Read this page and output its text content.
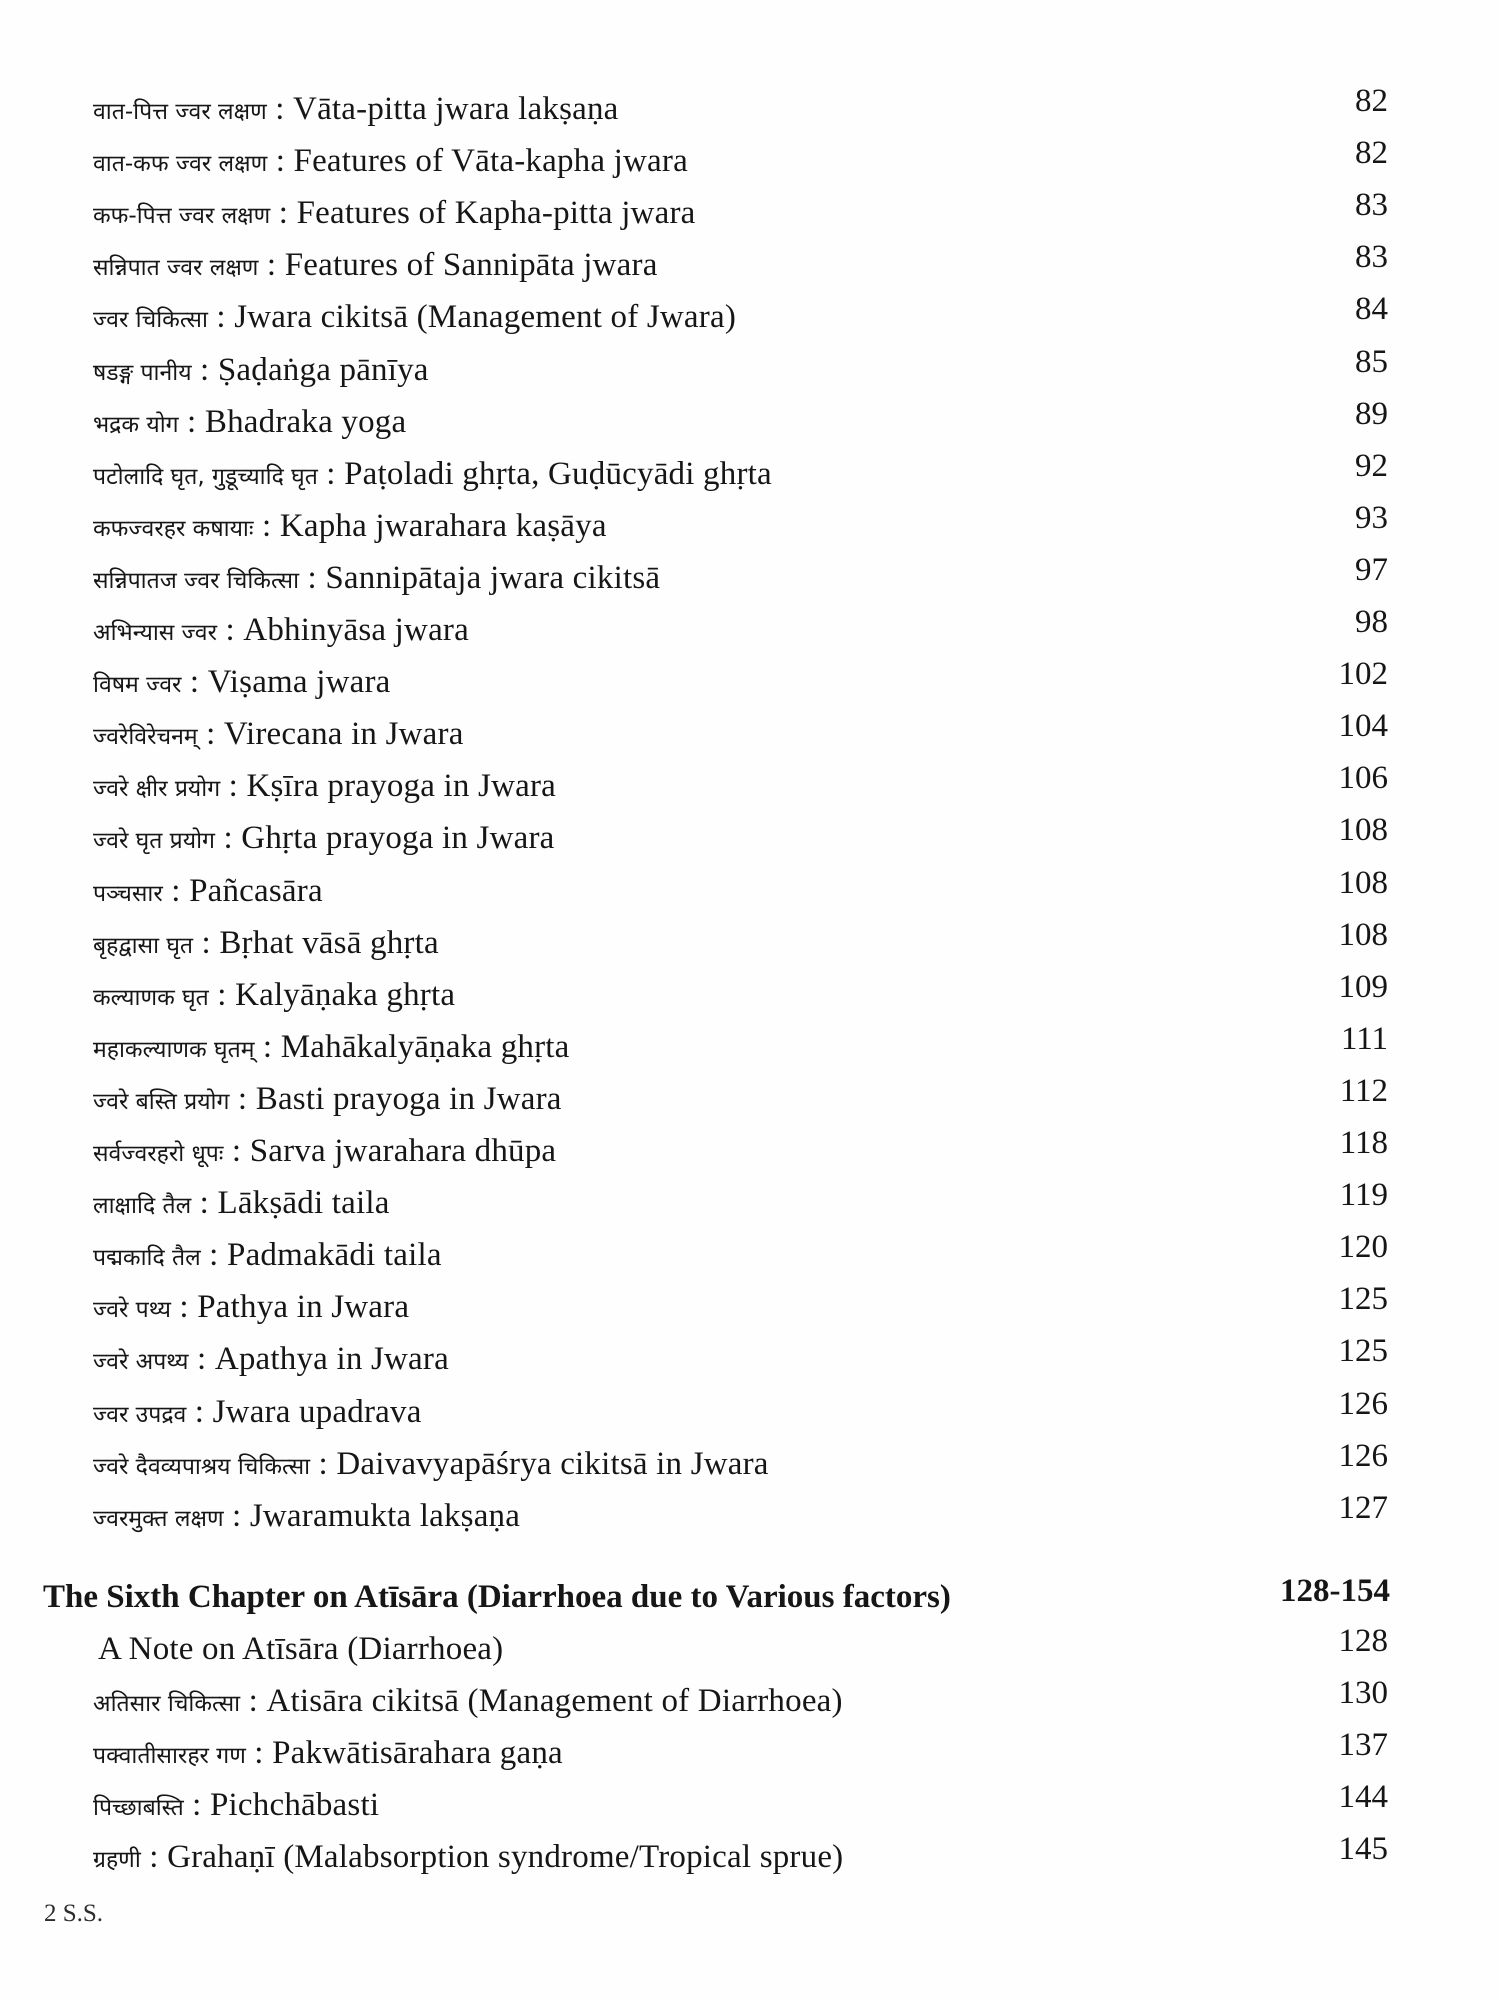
वात-पित्त ज्वर लक्षण : Vāta-pitta jwara lakṣaṇa	82
वात-कफ ज्वर लक्षण : Features of Vāta-kapha jwara	82
कफ-पित्त ज्वर लक्षण : Features of Kapha-pitta jwara	83
सन्निपात ज्वर लक्षण : Features of Sannipāta jwara	83
ज्वर चिकित्सा : Jwara cikitsā (Management of Jwara)	84
षडङ्ग पानीय : Ṣaḍaṅga pānīya	85
भद्रक योग : Bhadraka yoga	89
पटोलादि घृत, गुडूच्यादि घृत : Paṭoladi ghṛta, Guḍūcyādi ghṛta	92
कफज्वरहर कषायाः : Kapha jwarahara kaṣāya	93
सन्निपातज ज्वर चिकित्सा : Sannipātaja jwara cikitsā	97
अभिन्यास ज्वर : Abhinyāsa jwara	98
विषम ज्वर : Viṣama jwara	102
ज्वरेविरेचनम् : Virecana in Jwara	104
ज्वरे क्षीर प्रयोग : Kṣīra prayoga in Jwara	106
ज्वरे घृत प्रयोग : Ghṛta prayoga in Jwara	108
पञ्चसार : Pañcasāra	108
बृहद्वासा घृत : Bṛhat vāsā ghṛta	108
कल्याणक घृत : Kalyāṇaka ghṛta	109
महाकल्याणक घृतम् : Mahākalyāṇaka ghṛta	111
ज्वरे बस्ति प्रयोग : Basti prayoga in Jwara	112
सर्वज्वरहरो धूपः : Sarva jwarahara dhūpa	118
लाक्षादि तैल : Lākṣādi taila	119
पद्मकादि तैल : Padmakādi taila	120
ज्वरे पथ्य : Pathya in Jwara	125
ज्वरे अपथ्य : Apathya in Jwara	125
ज्वर उपद्रव : Jwara upadrava	126
ज्वरे दैवव्यपाश्रय चिकित्सा : Daivavyapāśrya cikitsā in Jwara	126
ज्वरमुक्त लक्षण : Jwaramukta lakṣaṇa	127
The Sixth Chapter on Atīsāra (Diarrhoea due to Various factors)	128-154
A Note on Atīsāra (Diarrhoea)	128
अतिसार चिकित्सा : Atisāra cikitsā (Management of Diarrhoea)	130
पक्वातीसारहर गण : Pakwātisārahara gaṇa	137
पिच्छाबस्ति : Pichchābasti	144
ग्रहणी : Grahaṇī (Malabsorption syndrome/Tropical sprue)	145
2 S.S.
